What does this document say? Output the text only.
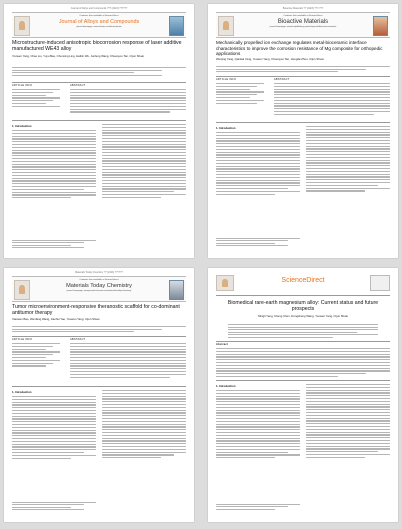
Journal of Alloys and Compounds ??? (2023) ??????
Contents lists available at ScienceDirect
Journal of Alloys and Compounds
journal homepage: www.elsevier.com/locate/jalcom
Microstructure-induced anisotropic biocorrosion response of laser additive manufactured WE43 alloy
Youwen Yang, Chao Liu, Yuyu Bao, Chenxing Ling, Haibin Wu, Junfeng Wang, Chuanyou Tan, Cijun Shuai
ARTICLE INFO	ABSTRACT
1. Introduction
Bioactive Materials ?? (2023) ???-???
Contents lists available at ScienceDirect
Bioactive Materials
journal homepage: www.keaipublishing.com/en/journals/bioactive-materials
Mechanically propelled ion exchange regulates metal-bioceramic interface characteristics to improve the corrosion resistance of Mg composite for orthopedic applications
Wenjing Yang, Qiankai Yang, Youwen Yang, Chuanyou Tan, Hongda Zhou, Cijun Shuai
ARTICLE INFO	ABSTRACT
1. Introduction
Materials Today Chemistry ?? (2023) ??????
Contents lists available at ScienceDirect
Materials Today Chemistry
journal homepage: www.journals.elsevier.com/materials-today-chemistry/
Tumor microenvironment-responsive theranostic scaffold for co-dominant antitumor therapy
Xiaowen Bao, Wenfang Wang, Jianhui Yao, Youwen Yang, Cijun Shuai
ARTICLE INFO	ABSTRACT
1. Introduction
ScienceDirect
Biomedical rare-earth magnesium alloy: Current status and future prospects
Mingli Yang, Cheng Chen, Dongsheng Wang, Youwen Yang, Cijun Shuai
Abstract
1. Introduction
